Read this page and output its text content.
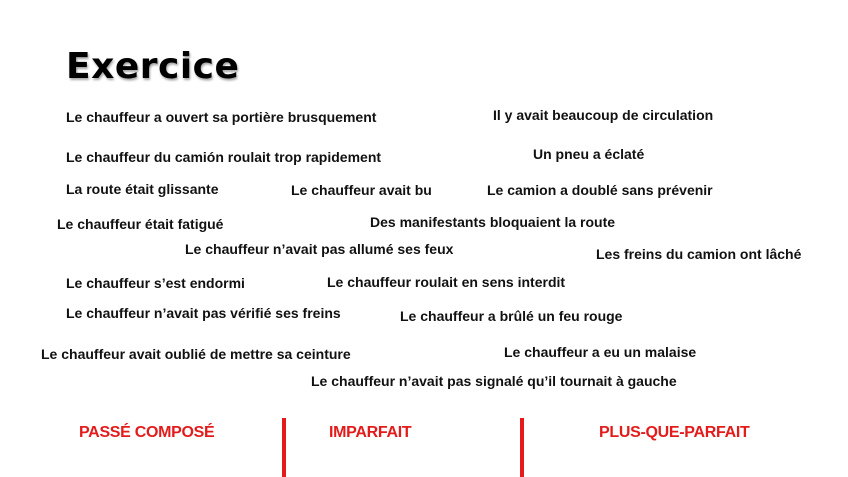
Exercice
Le chauffeur a ouvert sa portière brusquement	Il y avait beaucoup de circulation
Le chauffeur du camión roulait trop rapidement	Un pneu a éclaté
La route était glissante	Le chauffeur avait bu	Le camion a doublé sans prévenir
Le chauffeur était fatigué	Des manifestants bloquaient la route
Le chauffeur n’avait pas allumé ses feux	Les freins du camion ont lâché
Le chauffeur s’est endormi	Le chauffeur roulait en sens interdit
Le chauffeur n’avait pas vérifié ses freins	Le chauffeur a brûlé un feu rouge
Le chauffeur avait oublié de mettre sa ceinture	Le chauffeur a eu un malaise
Le chauffeur n’avait pas signalé qu’il tournait à gauche
PASSÉ COMPOSÉ	IMPARFAIT	PLUS-QUE-PARFAIT
